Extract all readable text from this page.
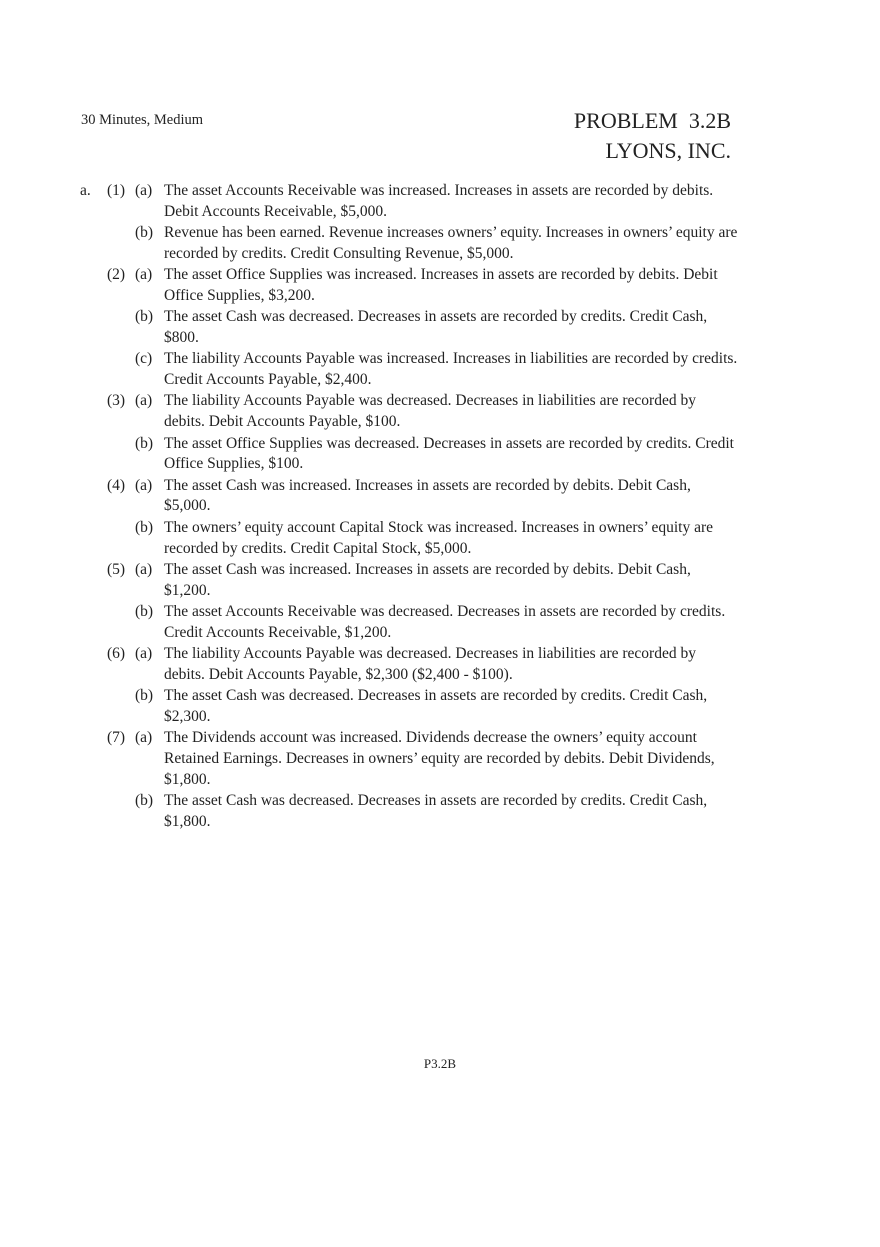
30 Minutes, Medium	PROBLEM  3.2B
LYONS, INC.
a. (1) (a) The asset Accounts Receivable was increased. Increases in assets are recorded by debits. Debit Accounts Receivable, $5,000.
(b) Revenue has been earned. Revenue increases owners’ equity. Increases in owners’ equity are recorded by credits. Credit Consulting Revenue, $5,000.
(2) (a) The asset Office Supplies was increased. Increases in assets are recorded by debits. Debit Office Supplies, $3,200.
(b) The asset Cash was decreased. Decreases in assets are recorded by credits. Credit Cash, $800.
(c) The liability Accounts Payable was increased. Increases in liabilities are recorded by credits. Credit Accounts Payable, $2,400.
(3) (a) The liability Accounts Payable was decreased. Decreases in liabilities are recorded by debits. Debit Accounts Payable, $100.
(b) The asset Office Supplies was decreased. Decreases in assets are recorded by credits. Credit Office Supplies, $100.
(4) (a) The asset Cash was increased. Increases in assets are recorded by debits. Debit Cash, $5,000.
(b) The owners’ equity account Capital Stock was increased. Increases in owners’ equity are recorded by credits. Credit Capital Stock, $5,000.
(5) (a) The asset Cash was increased. Increases in assets are recorded by debits. Debit Cash, $1,200.
(b) The asset Accounts Receivable was decreased. Decreases in assets are recorded by credits. Credit Accounts Receivable, $1,200.
(6) (a) The liability Accounts Payable was decreased. Decreases in liabilities are recorded by debits. Debit Accounts Payable, $2,300 ($2,400 - $100).
(b) The asset Cash was decreased. Decreases in assets are recorded by credits. Credit Cash, $2,300.
(7) (a) The Dividends account was increased. Dividends decrease the owners’ equity account Retained Earnings. Decreases in owners’ equity are recorded by debits. Debit Dividends, $1,800.
(b) The asset Cash was decreased. Decreases in assets are recorded by credits. Credit Cash, $1,800.
P3.2B
